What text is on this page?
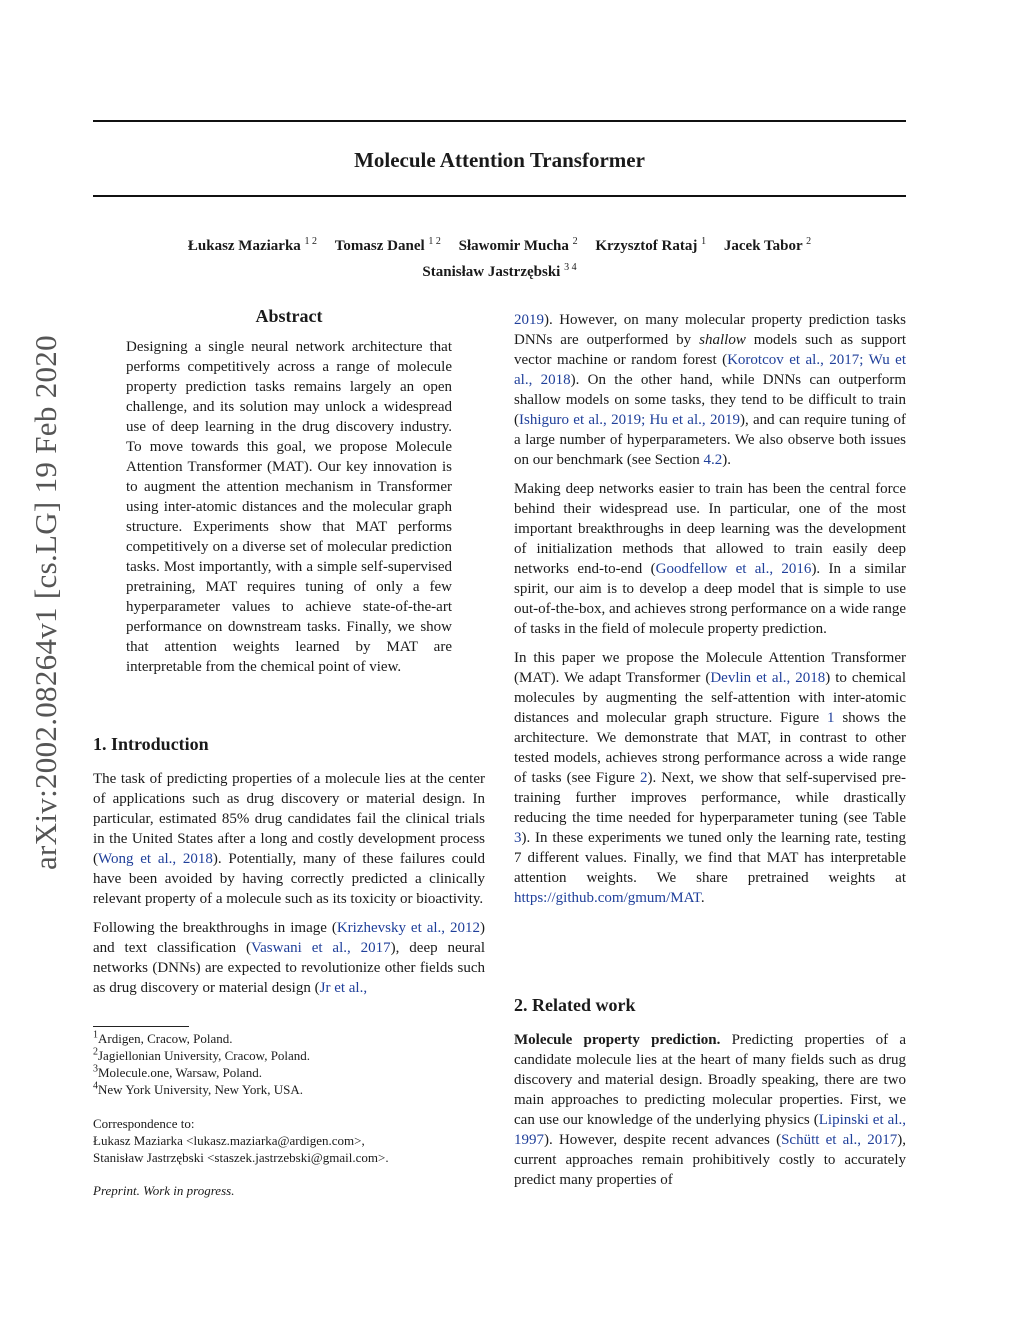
Molecule Attention Transformer
Łukasz Maziarka $^{1 2}$ Tomasz Danel $^{1 2}$ Sławomir Mucha $^2$ Krzysztof Rataj $^1$ Jacek Tabor $^2$
Stanisław Jastrzębski $^{3 4}$
arXiv:2002.08264v1 [cs.LG] 19 Feb 2020
Abstract
Designing a single neural network architecture that performs competitively across a range of molecule property prediction tasks remains largely an open challenge, and its solution may unlock a widespread use of deep learning in the drug discovery industry. To move towards this goal, we propose Molecule Attention Transformer (MAT). Our key innovation is to augment the attention mechanism in Transformer using inter-atomic distances and the molecular graph structure. Experiments show that MAT performs competitively on a diverse set of molecular prediction tasks. Most importantly, with a simple self-supervised pretraining, MAT requires tuning of only a few hyperparameter values to achieve state-of-the-art performance on downstream tasks. Finally, we show that attention weights learned by MAT are interpretable from the chemical point of view.
1. Introduction

The task of predicting properties of a molecule lies at the center of applications such as drug discovery or material design. In particular, estimated 85% drug candidates fail the clinical trials in the United States after a long and costly development process (Wong et al., 2018). Potentially, many of these failures could have been avoided by having correctly predicted a clinically relevant property of a molecule such as its toxicity or bioactivity.

Following the breakthroughs in image (Krizhevsky et al., 2012) and text classification (Vaswani et al., 2017), deep neural networks (DNNs) are expected to revolutionize other fields such as drug discovery or material design (Jr et al.,

$^1$Ardigen, Cracow, Poland.
$^2$Jagiellonian University, Cracow, Poland.
$^3$Molecule.one, Warsaw, Poland.
$^4$New York University, New York, USA.
Correspondence to:
Łukasz Maziarka <lukasz.maziarka@ardigen.com>,
Stanisław Jastrzębski <staszek.jastrzebski@gmail.com>.
Preprint. Work in progress.

2019). However, on many molecular property prediction tasks DNNs are outperformed by shallow models such as support vector machine or random forest (Korotcov et al., 2017; Wu et al., 2018). On the other hand, while DNNs can outperform shallow models on some tasks, they tend to be difficult to train (Ishiguro et al., 2019; Hu et al., 2019), and can require tuning of a large number of hyperparameters. We also observe both issues on our benchmark (see Section 4.2).

Making deep networks easier to train has been the central force behind their widespread use. In particular, one of the most important breakthroughs in deep learning was the development of initialization methods that allowed to train easily deep networks end-to-end (Goodfellow et al., 2016). In a similar spirit, our aim is to develop a deep model that is simple to use out-of-the-box, and achieves strong performance on a wide range of tasks in the field of molecule property prediction.

In this paper we propose the Molecule Attention Transformer (MAT). We adapt Transformer (Devlin et al., 2018) to chemical molecules by augmenting the self-attention with inter-atomic distances and molecular graph structure. Figure 1 shows the architecture. We demonstrate that MAT, in contrast to other tested models, achieves strong performance across a wide range of tasks (see Figure 2). Next, we show that self-supervised pre-training further improves performance, while drastically reducing the time needed for hyperparameter tuning (see Table 3). In these experiments we tuned only the learning rate, testing 7 different values. Finally, we find that MAT has interpretable attention weights. We share pretrained weights at https://github.com/gmum/MAT.

2. Related work

Molecule property prediction. Predicting properties of a candidate molecule lies at the heart of many fields such as drug discovery and material design. Broadly speaking, there are two main approaches to predicting molecular properties. First, we can use our knowledge of the underlying physics (Lipinski et al., 1997). However, despite recent advances (Schütt et al., 2017), current approaches remain prohibitively costly to accurately predict many properties of
